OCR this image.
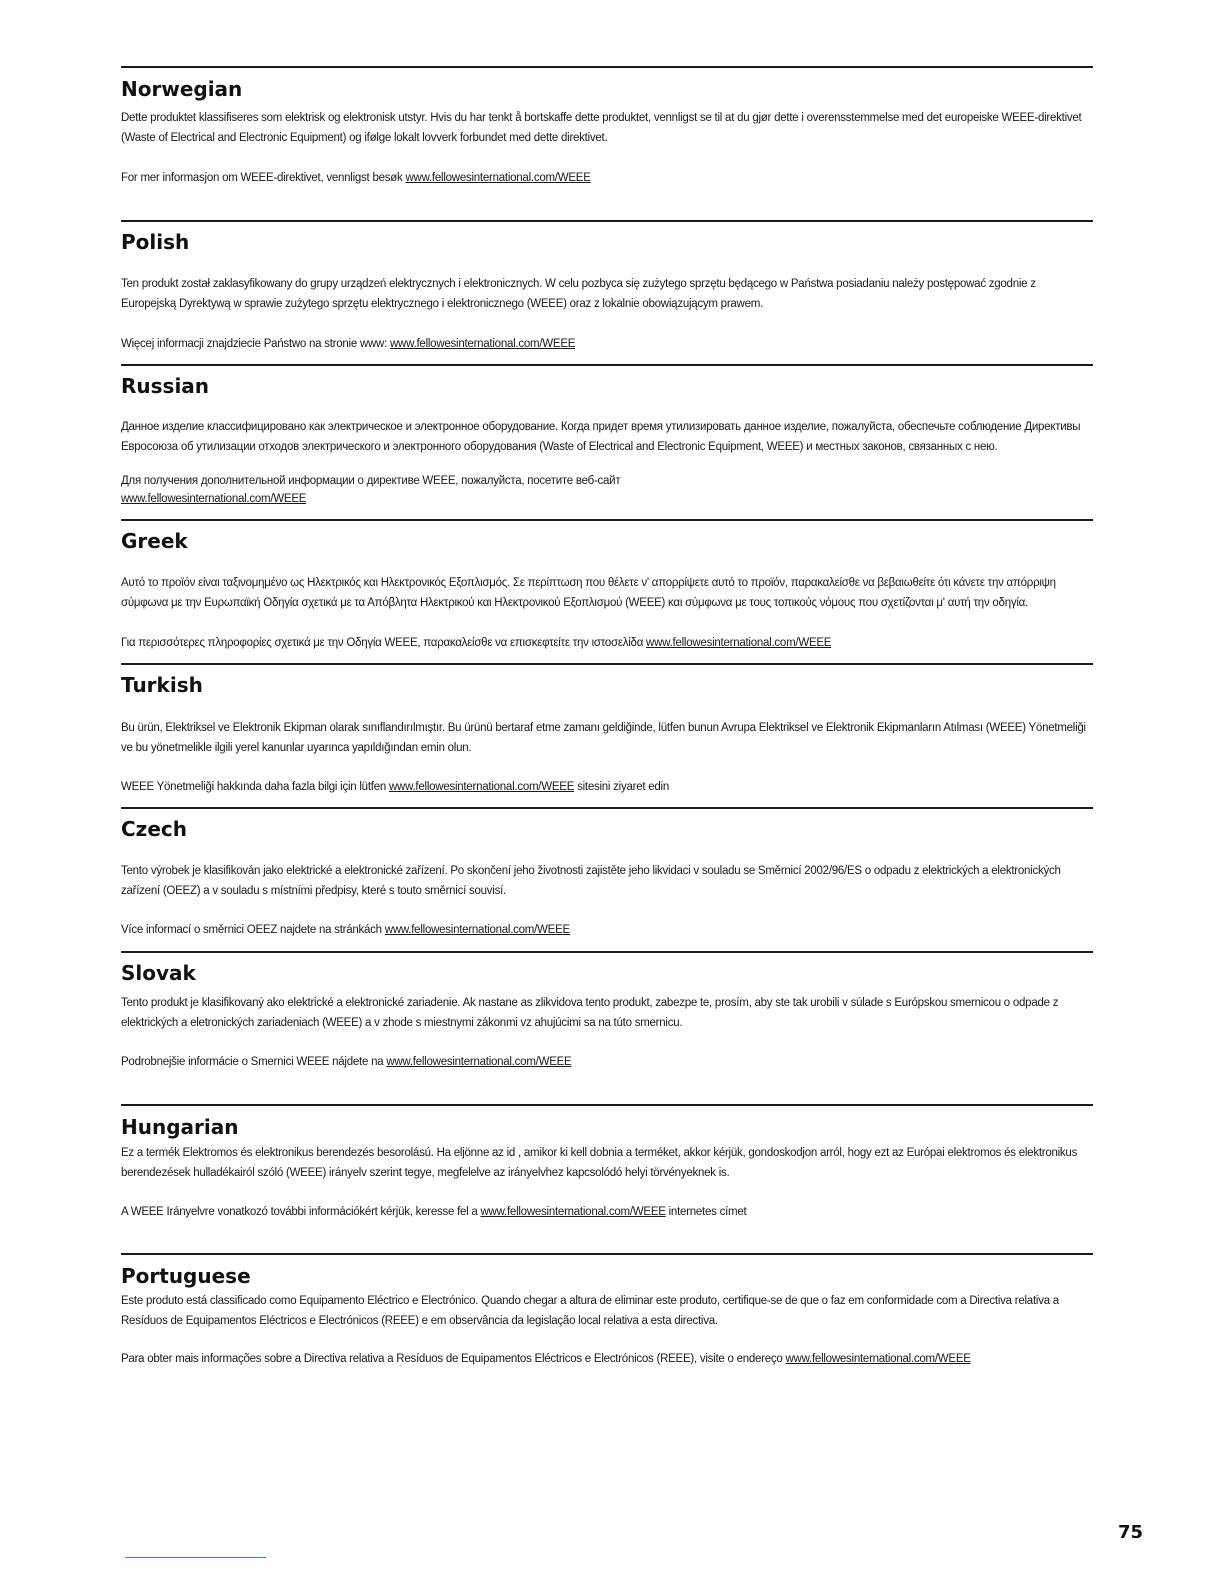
Norwegian

Dette produktet klassifiseres som elektrisk og elektronisk utstyr. Hvis du har tenkt å bortskaffe dette produktet, vennligst se til at du gjør dette i overensstemmelse med det europeiske WEEE-direktivet (Waste of Electrical and Electronic Equipment) og ifølge lokalt lovverk forbundet med dette direktivet.

For mer informasjon om WEEE-direktivet, vennligst besøk www.fellowesinternational.com/WEEE

Polish

Ten produkt został zaklasyfikowany do grupy urządzeń elektrycznych i elektronicznych. W celu pozbyca się zużytego sprzętu będącego w Państwa posiadaniu należy postępować zgodnie z Europejską Dyrektywą w sprawie zużytego sprzętu elektrycznego i elektronicznego (WEEE) oraz z lokalnie obowiązującym prawem.

Więcej informacji znajdziecie Państwo na stronie www: www.fellowesinternational.com/WEEE

Russian

Данное изделие классифицировано как электрическое и электронное оборудование. Когда придет время утилизировать данное изделие, пожалуйста, обеспечьте соблюдение Директивы Евросоюза об утилизации отходов электрического и электронного оборудования (Waste of Electrical and Electronic Equipment, WEEE) и местных законов, связанных с нею.

Для получения дополнительной информации о директиве WEEE, пожалуйста, посетите веб-сайт

www.fellowesinternational.com/WEEE

Greek

Αυτό το προϊόν είναι ταξινομημένο ως Ηλεκτρικός και Ηλεκτρονικός Εξοπλισμός. Σε περίπτωση που θέλετε ν' απορρίψετε αυτό το προϊόν, παρακαλείσθε να βεβαιωθείτε ότι κάνετε την απόρριψη σύμφωνα με την Ευρωπαϊκή Οδηγία σχετικά με τα Απόβλητα Ηλεκτρικού και Ηλεκτρονικού Εξοπλισμού (WEEE) και σύμφωνα με τους τοπικούς νόμους που σχετίζονται μ' αυτή την οδηγία.

Για περισσότερες πληροφορίες σχετικά με την Οδηγία WEEE, παρακαλείσθε να επισκεφτείτε την ιστοσελίδα www.fellowesinternational.com/WEEE

Turkish

Bu ürün, Elektriksel ve Elektronik Ekipman olarak sınıflandırılmıştır. Bu ürünü bertaraf etme zamanı geldiğinde, lütfen bunun Avrupa Elektriksel ve Elektronik Ekipmanların Atılması (WEEE) Yönetmeliği ve bu yönetmelikle ilgili yerel kanunlar uyarınca yapıldığından emin olun.

WEEE Yönetmeliği hakkında daha fazla bilgi için lütfen www.fellowesinternational.com/WEEE sitesini ziyaret edin

Czech

Tento výrobek je klasifikován jako elektrické a elektronické zařízení. Po skončení jeho životnosti zajistěte jeho likvidaci v souladu se Směrnicí 2002/96/ES o odpadu z elektrických a elektronických zařízení (OEEZ) a v souladu s místními předpisy, které s touto směrnicí souvisí.

Více informací o směrnici OEEZ najdete na stránkách www.fellowesinternational.com/WEEE

Slovak

Tento produkt je klasifikovaný ako elektrické a elektronické zariadenie. Ak nastane as zlikvidova tento produkt, zabezpe te, prosím, aby ste tak urobili v súlade s Európskou smernicou o odpade z elektrických a eletronických zariadeniach (WEEE) a v zhode s miestnymi zákonmi vz ahujúcimi sa na túto smernicu.

Podrobnejšie informácie o Smernici WEEE nájdete na www.fellowesinternational.com/WEEE

Hungarian

Ez a termék Elektromos és elektronikus berendezés besorolású. Ha eljönne az id , amikor ki kell dobnia a terméket, akkor kérjük, gondoskodjon arról, hogy ezt az Európai elektromos és elektronikus berendezések hulladékairól szóló (WEEE) irányelv szerint tegye, megfelelve az irányelvhez kapcsolódó helyi törvényeknek is.

A WEEE Irányelvre vonatkozó további információkért kérjük, keresse fel a www.fellowesinternational.com/WEEE internetes címet

Portuguese

Este produto está classificado como Equipamento Eléctrico e Electrónico. Quando chegar a altura de eliminar este produto, certifique-se de que o faz em conformidade com a Directiva relativa a Resíduos de Equipamentos Eléctricos e Electrónicos (REEE) e em observância da legislação local relativa a esta directiva.

Para obter mais informações sobre a Directiva relativa a Resíduos de Equipamentos Eléctricos e Electrónicos (REEE), visite o endereço www.fellowesinternational.com/WEEE

75
